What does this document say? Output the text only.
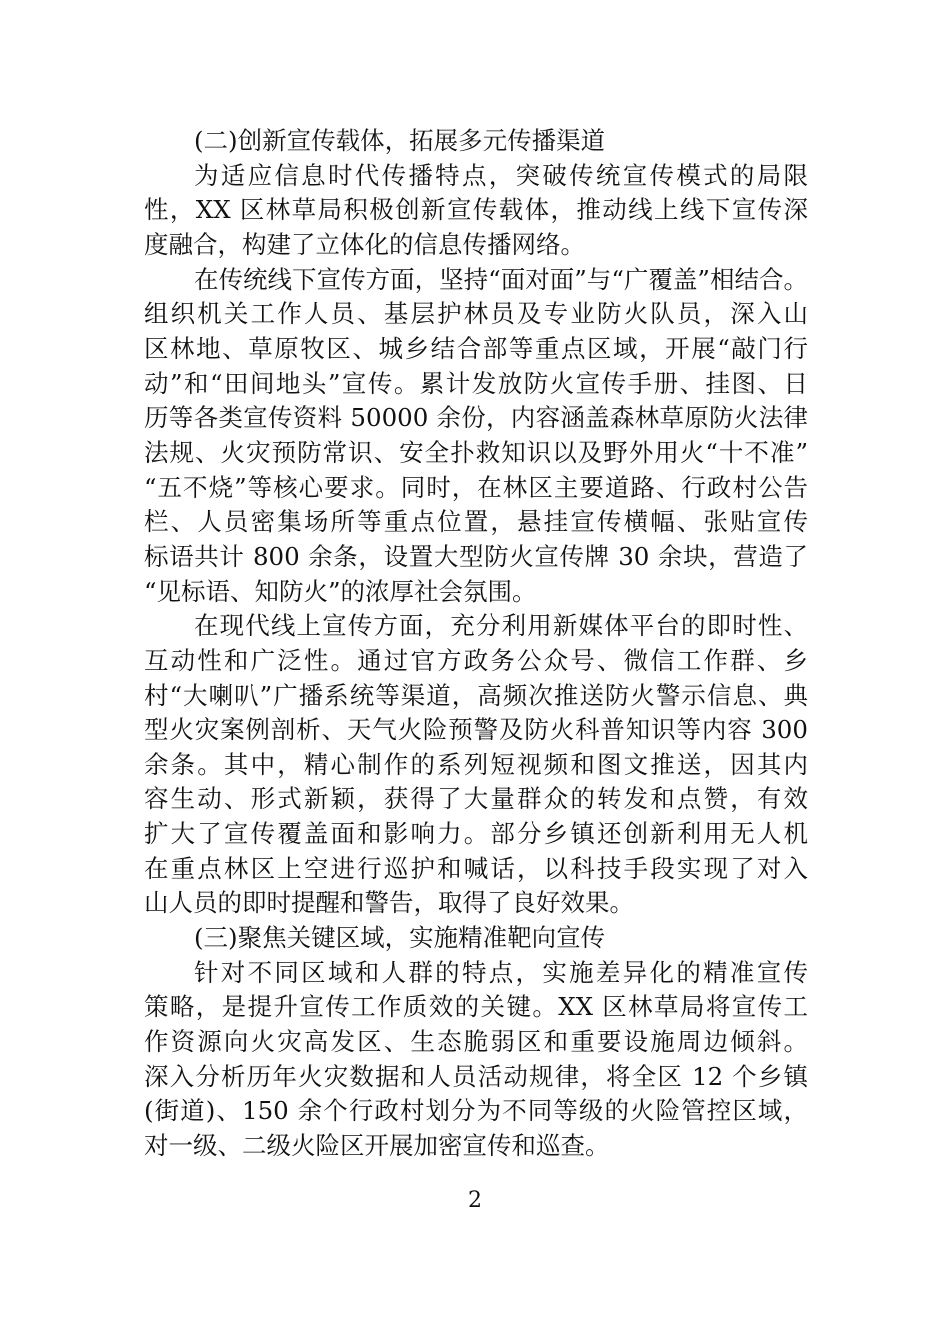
(二)创新宣传载体，拓展多元传播渠道
为适应信息时代传播特点，突破传统宣传模式的局限
性，XX 区林草局积极创新宣传载体，推动线上线下宣传深
度融合，构建了立体化的信息传播网络。
在传统线下宣传方面，坚持“面对面”与“广覆盖”相结合。
组织机关工作人员、基层护林员及专业防火队员，深入山
区林地、草原牧区、城乡结合部等重点区域，开展“敲门行
动”和“田间地头”宣传。累计发放防火宣传手册、挂图、日
历等各类宣传资料 50000 余份，内容涵盖森林草原防火法律
法规、火灾预防常识、安全扑救知识以及野外用火“十不准”
“五不烧”等核心要求。同时，在林区主要道路、行政村公告
栏、人员密集场所等重点位置，悬挂宣传横幅、张贴宣传
标语共计 800 余条，设置大型防火宣传牌 30 余块，营造了
“见标语、知防火”的浓厚社会氛围。
在现代线上宣传方面，充分利用新媒体平台的即时性、
互动性和广泛性。通过官方政务公众号、微信工作群、乡
村“大喇叭”广播系统等渠道，高频次推送防火警示信息、典
型火灾案例剖析、天气火险预警及防火科普知识等内容 300
余条。其中，精心制作的系列短视频和图文推送，因其内
容生动、形式新颖，获得了大量群众的转发和点赞，有效
扩大了宣传覆盖面和影响力。部分乡镇还创新利用无人机
在重点林区上空进行巡护和喊话，以科技手段实现了对入
山人员的即时提醒和警告，取得了良好效果。
(三)聚焦关键区域，实施精准靶向宣传
针对不同区域和人群的特点，实施差异化的精准宣传
策略，是提升宣传工作质效的关键。XX 区林草局将宣传工
作资源向火灾高发区、生态脆弱区和重要设施周边倾斜。
深入分析历年火灾数据和人员活动规律，将全区 12 个乡镇
(街道)、150 余个行政村划分为不同等级的火险管控区域，
对一级、二级火险区开展加密宣传和巡查。
2
